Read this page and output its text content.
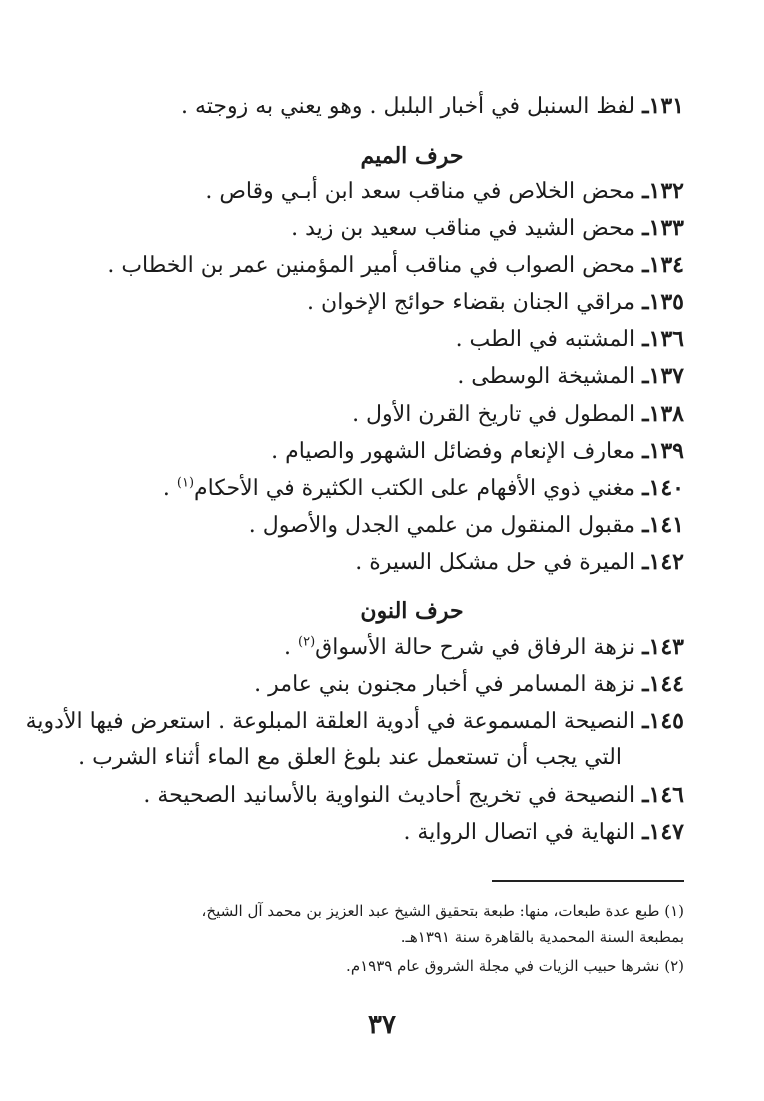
١٣١ـ لفظ السنبل في أخبار البلبل . وهو يعني به زوجته .
حرف الميم
١٣٢ـ محض الخلاص في مناقب سعد ابن أبـي وقاص .
١٣٣ـ محض الشيد في مناقب سعيد بن زيد .
١٣٤ـ محض الصواب في مناقب أمير المؤمنين عمر بن الخطاب .
١٣٥ـ مراقي الجنان بقضاء حوائج الإخوان .
١٣٦ـ المشتبه في الطب .
١٣٧ـ المشيخة الوسطى .
١٣٨ـ المطول في تاريخ القرن الأول .
١٣٩ـ معارف الإنعام وفضائل الشهور والصيام .
١٤٠ـ مغني ذوي الأفهام على الكتب الكثيرة في الأحكام$^{(١)}$ .
١٤١ـ مقبول المنقول من علمي الجدل والأصول .
١٤٢ـ الميرة في حل مشكل السيرة .
حرف النون
١٤٣ـ نزهة الرفاق في شرح حالة الأسواق$^{(٢)}$ .
١٤٤ـ نزهة المسامر في أخبار مجنون بني عامر .
١٤٥ـ النصيحة المسموعة في أدوية العلقة المبلوعة . استعرض فيها الأدوية
التي يجب أن تستعمل عند بلوغ العلق مع الماء أثناء الشرب .
١٤٦ـ النصيحة في تخريج أحاديث النواوية بالأسانيد الصحيحة .
١٤٧ـ النهاية في اتصال الرواية .
(١) طبع عدة طبعات، منها: طبعة بتحقيق الشيخ عبد العزيز بن محمد آل الشيخ،
بمطبعة السنة المحمدية بالقاهرة سنة ١٣٩١هـ.
(٢) نشرها حبيب الزيات في مجلة الشروق عام ١٩٣٩م.
٣٧
